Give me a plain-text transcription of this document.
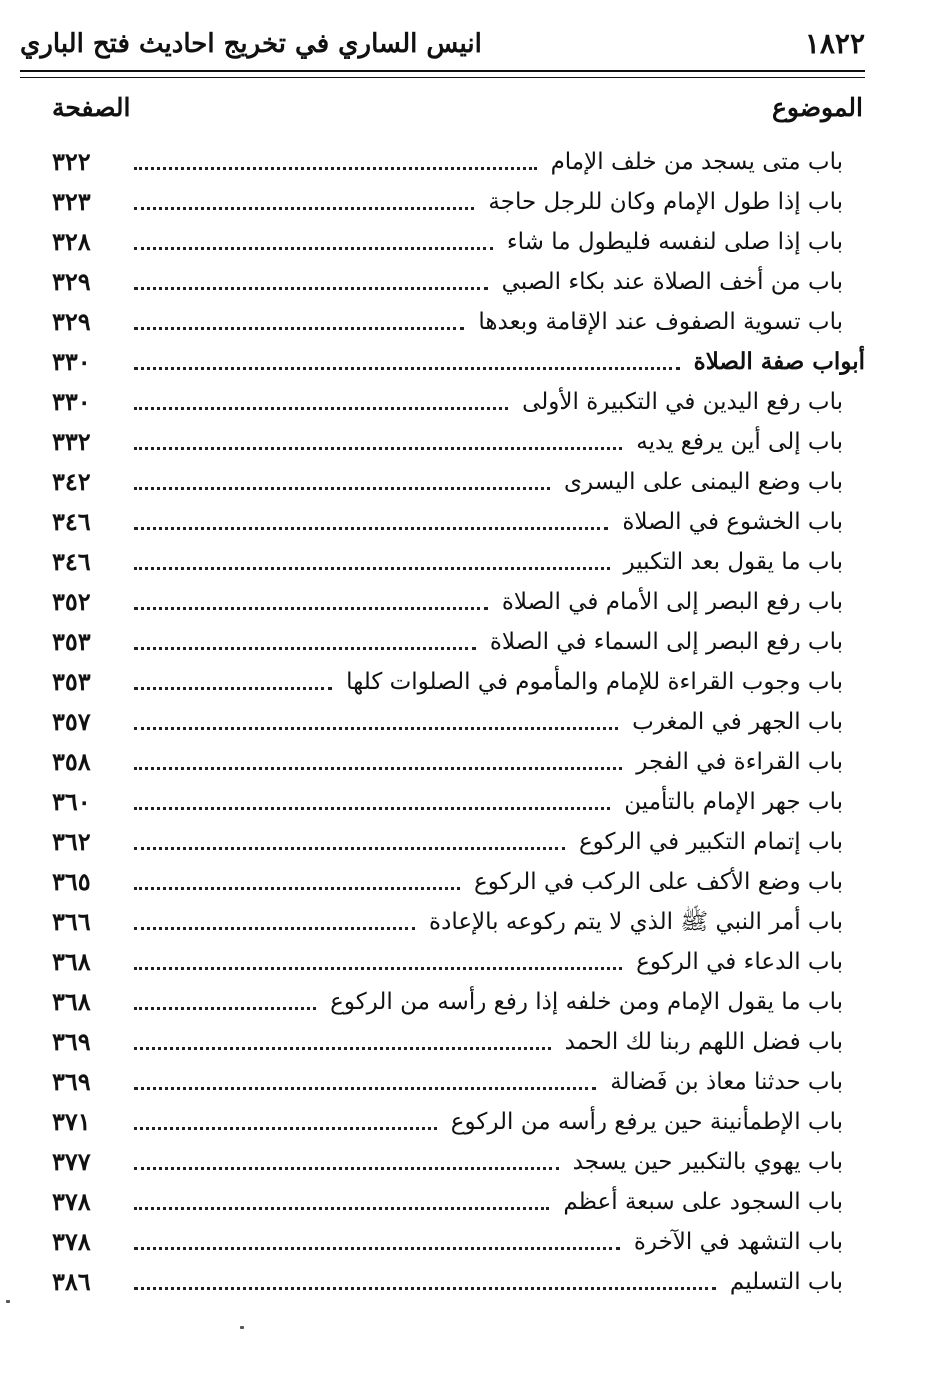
١٨٢٢
انيس الساري في تخريج احاديث فتح الباري
الموضوع
الصفحة
باب متى يسجد من خلف الإمام
٣٢٢
باب إذا طول الإمام وكان للرجل حاجة
٣٢٣
باب إذا صلى لنفسه فليطول ما شاء
٣٢٨
باب من أخف الصلاة عند بكاء الصبي
٣٢٩
باب تسوية الصفوف عند الإقامة وبعدها
٣٢٩
أبواب صفة الصلاة
٣٣٠
باب رفع اليدين في التكبيرة الأولى
٣٣٠
باب إلى أين يرفع يديه
٣٣٢
باب وضع اليمنى على اليسرى
٣٤٢
باب الخشوع في الصلاة
٣٤٦
باب ما يقول بعد التكبير
٣٤٦
باب رفع البصر إلى الأمام في الصلاة
٣٥٢
باب رفع البصر إلى السماء في الصلاة
٣٥٣
باب وجوب القراءة للإمام والمأموم في الصلوات كلها
٣٥٣
باب الجهر في المغرب
٣٥٧
باب القراءة في الفجر
٣٥٨
باب جهر الإمام بالتأمين
٣٦٠
باب إتمام التكبير في الركوع
٣٦٢
باب وضع الأكف على الركب في الركوع
٣٦٥
باب أمر النبي ﷺ الذي لا يتم ركوعه بالإعادة
٣٦٦
باب الدعاء في الركوع
٣٦٨
باب ما يقول الإمام ومن خلفه إذا رفع رأسه من الركوع
٣٦٨
باب فضل اللهم ربنا لك الحمد
٣٦٩
باب حدثنا معاذ بن فَضالة
٣٦٩
باب الإطمأنينة حين يرفع رأسه من الركوع
٣٧١
باب يهوي بالتكبير حين يسجد
٣٧٧
باب السجود على سبعة أعظم
٣٧٨
باب التشهد في الآخرة
٣٧٨
باب التسليم
٣٨٦
